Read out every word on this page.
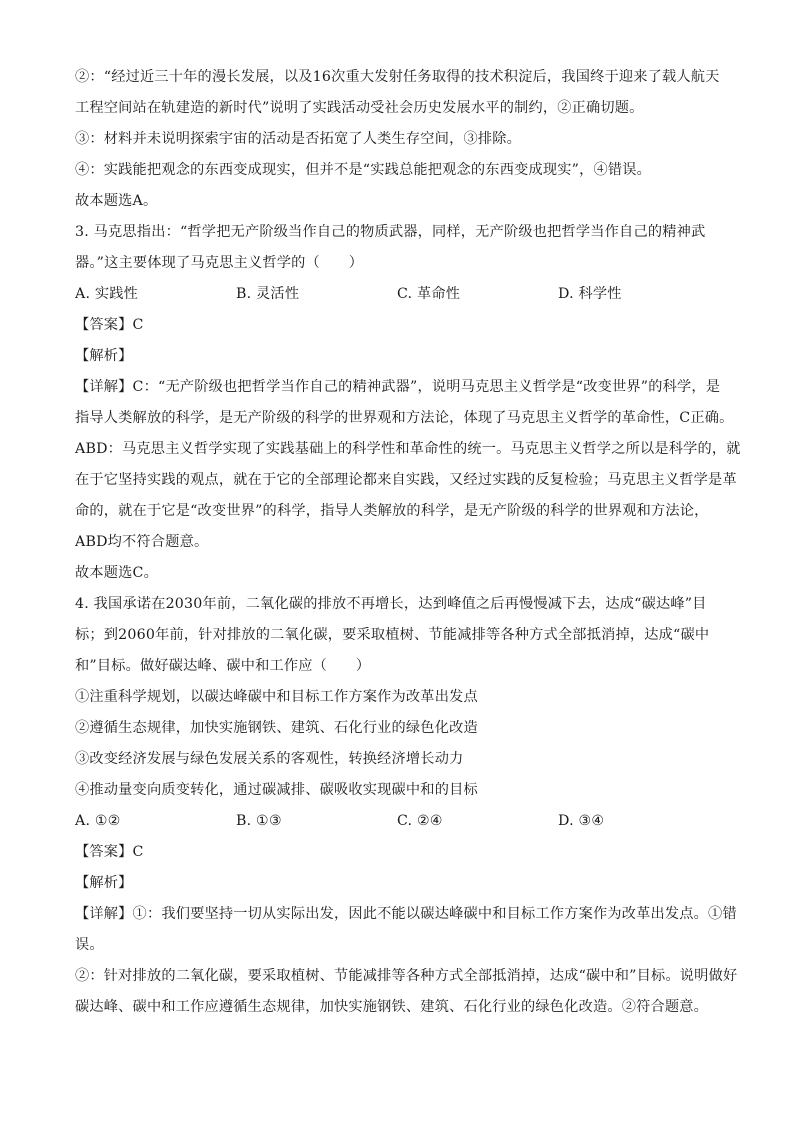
②：“经过近三十年的漫长发展，以及16次重大发射任务取得的技术积淀后，我国终于迎来了载人航天
工程空间站在轨建造的新时代”说明了实践活动受社会历史发展水平的制约，②正确切题。
③：材料并未说明探索宇宙的活动是否拓宽了人类生存空间，③排除。
④：实践能把观念的东西变成现实，但并不是“实践总能把观念的东西变成现实”，④错误。
故本题选A。
3. 马克思指出：“哲学把无产阶级当作自己的物质武器，同样，无产阶级也把哲学当作自己的精神武
器。”这主要体现了马克思主义哲学的（　　）
A. 实践性	B. 灵活性	C. 革命性	D. 科学性
【答案】C
【解析】
【详解】C：“无产阶级也把哲学当作自己的精神武器”，说明马克思主义哲学是“改变世界”的科学，是
指导人类解放的科学，是无产阶级的科学的世界观和方法论，体现了马克思主义哲学的革命性，C正确。
ABD：马克思主义哲学实现了实践基础上的科学性和革命性的统一。马克思主义哲学之所以是科学的，就
在于它坚持实践的观点，就在于它的全部理论都来自实践，又经过实践的反复检验；马克思主义哲学是革
命的，就在于它是“改变世界”的科学，指导人类解放的科学，是无产阶级的科学的世界观和方法论，
ABD均不符合题意。
故本题选C。
4. 我国承诺在2030年前，二氧化碳的排放不再增长，达到峰值之后再慢慢减下去，达成“碳达峰”目
标；到2060年前，针对排放的二氧化碳，要采取植树、节能减排等各种方式全部抵消掉，达成“碳中
和”目标。做好碳达峰、碳中和工作应（　　）
①注重科学规划，以碳达峰碳中和目标工作方案作为改革出发点
②遵循生态规律，加快实施钢铁、建筑、石化行业的绿色化改造
③改变经济发展与绿色发展关系的客观性，转换经济增长动力
④推动量变向质变转化，通过碳减排、碳吸收实现碳中和的目标
A. ①②	B. ①③	C. ②④	D. ③④
【答案】C
【解析】
【详解】①：我们要坚持一切从实际出发，因此不能以碳达峰碳中和目标工作方案作为改革出发点。①错
误。
②：针对排放的二氧化碳，要采取植树、节能减排等各种方式全部抵消掉，达成“碳中和”目标。说明做好
碳达峰、碳中和工作应遵循生态规律，加快实施钢铁、建筑、石化行业的绿色化改造。②符合题意。
